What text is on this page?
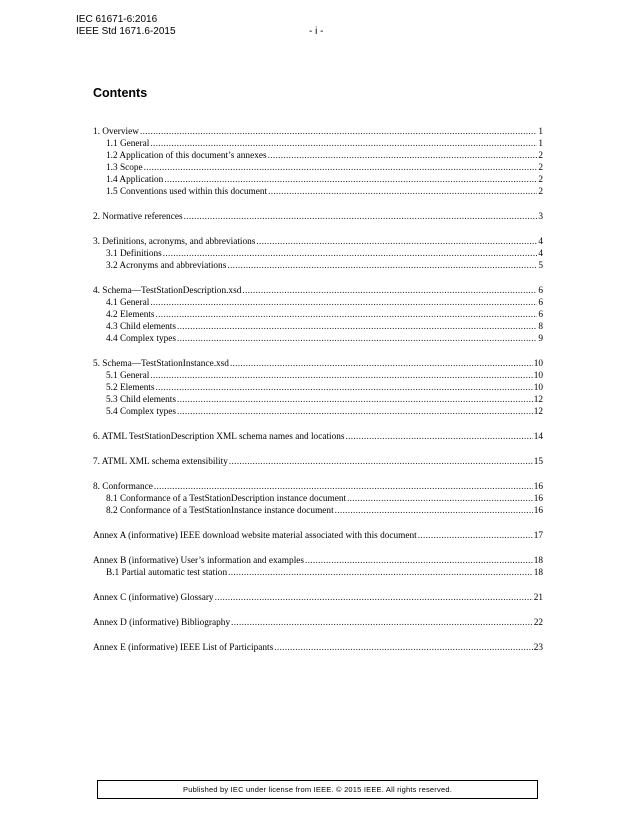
IEC 61671-6:2016
IEEE Std 1671.6-2015	- i -
Contents
1. Overview .....	1
1.1 General .....	1
1.2 Application of this document’s annexes .....	2
1.3 Scope .....	2
1.4 Application .....	2
1.5 Conventions used within this document .....	2
2. Normative references .....	3
3. Definitions, acronyms, and abbreviations .....	4
3.1 Definitions .....	4
3.2 Acronyms and abbreviations .....	5
4. Schema—TestStationDescription.xsd .....	6
4.1 General .....	6
4.2 Elements .....	6
4.3 Child elements .....	8
4.4 Complex types .....	9
5. Schema—TestStationInstance.xsd .....	10
5.1 General .....	10
5.2 Elements .....	10
5.3 Child elements .....	12
5.4 Complex types .....	12
6. ATML TestStationDescription XML schema names and locations .....	14
7. ATML XML schema extensibility .....	15
8. Conformance .....	16
8.1 Conformance of a TestStationDescription instance document .....	16
8.2 Conformance of a TestStationInstance instance document .....	16
Annex A (informative) IEEE download website material associated with this document .....	17
Annex B (informative) User’s information and examples .....	18
B.1 Partial automatic test station .....	18
Annex C (informative) Glossary .....	21
Annex D (informative) Bibliography .....	22
Annex E (informative) IEEE List of Participants .....	23
Published by IEC under license from IEEE. © 2015 IEEE. All rights reserved.
